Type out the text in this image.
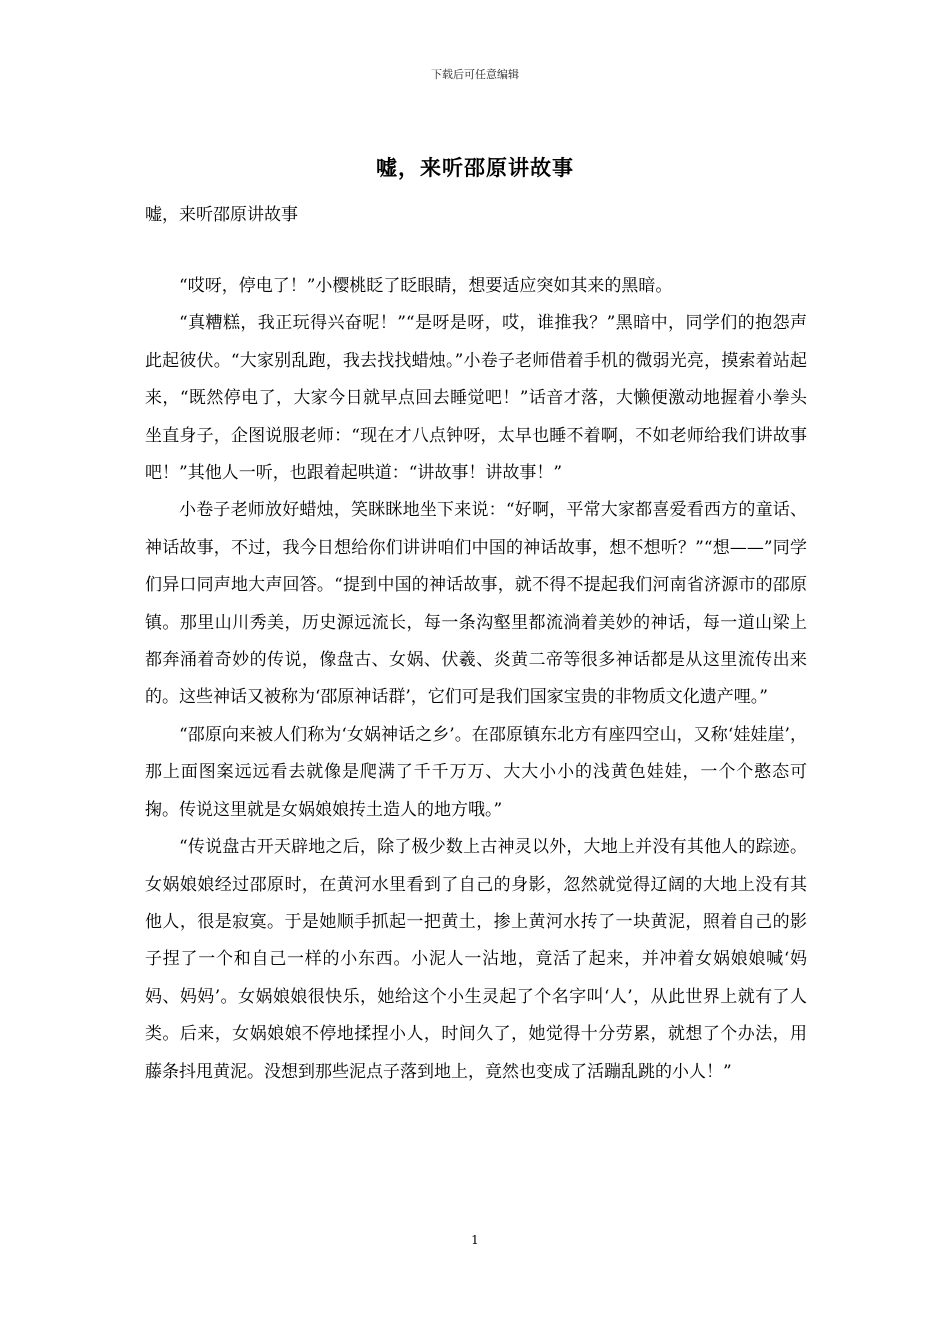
下载后可任意编辑
嘘，来听邵原讲故事
嘘，来听邵原讲故事

“哎呀，停电了！”小樱桃眨了眨眼睛，想要适应突如其来的黑暗。

“真糟糕，我正玩得兴奋呢！”“是呀是呀，哎，谁推我？”黑暗中，同学们的抱怨声此起彼伏。“大家别乱跑，我去找找蜡烛。”小卷子老师借着手机的微弱光亮，摸索着站起来，“既然停电了，大家今日就早点回去睡觉吧！”话音才落，大懒便激动地握着小拳头坐直身子，企图说服老师：“现在才八点钟呀，太早也睡不着啊，不如老师给我们讲故事吧！”其他人一听，也跟着起哄道：“讲故事！讲故事！”

小卷子老师放好蜡烛，笑眯眯地坐下来说：“好啊，平常大家都喜爱看西方的童话、神话故事，不过，我今日想给你们讲讲咱们中国的神话故事，想不想听？”“想——”同学们异口同声地大声回答。“提到中国的神话故事，就不得不提起我们河南省济源市的邵原镇。那里山川秀美，历史源远流长，每一条沟壑里都流淌着美妙的神话，每一道山梁上都奔涌着奇妙的传说，像盘古、女娲、伏羲、炎黄二帝等很多神话都是从这里流传出来的。这些神话又被称为‘邵原神话群’，它们可是我们国家宝贵的非物质文化遗产哩。”

“邵原向来被人们称为‘女娲神话之乡’。在邵原镇东北方有座四空山，又称‘娃娃崖’，那上面图案远远看去就像是爬满了千千万万、大大小小的浅黄色娃娃，一个个憨态可掬。传说这里就是女娲娘娘抟土造人的地方哦。”

“传说盘古开天辟地之后，除了极少数上古神灵以外，大地上并没有其他人的踪迹。女娲娘娘经过邵原时，在黄河水里看到了自己的身影，忽然就觉得辽阔的大地上没有其他人，很是寂寞。于是她顺手抓起一把黄土，掺上黄河水抟了一块黄泥，照着自己的影子捏了一个和自己一样的小东西。小泥人一沾地，竟活了起来，并冲着女娲娘娘喊‘妈妈、妈妈’。女娲娘娘很快乐，她给这个小生灵起了个名字叫‘人’，从此世界上就有了人类。后来，女娲娘娘不停地揉捏小人，时间久了，她觉得十分劳累，就想了个办法，用藤条抖甩黄泥。没想到那些泥点子落到地上，竟然也变成了活蹦乱跳的小人！”

1
